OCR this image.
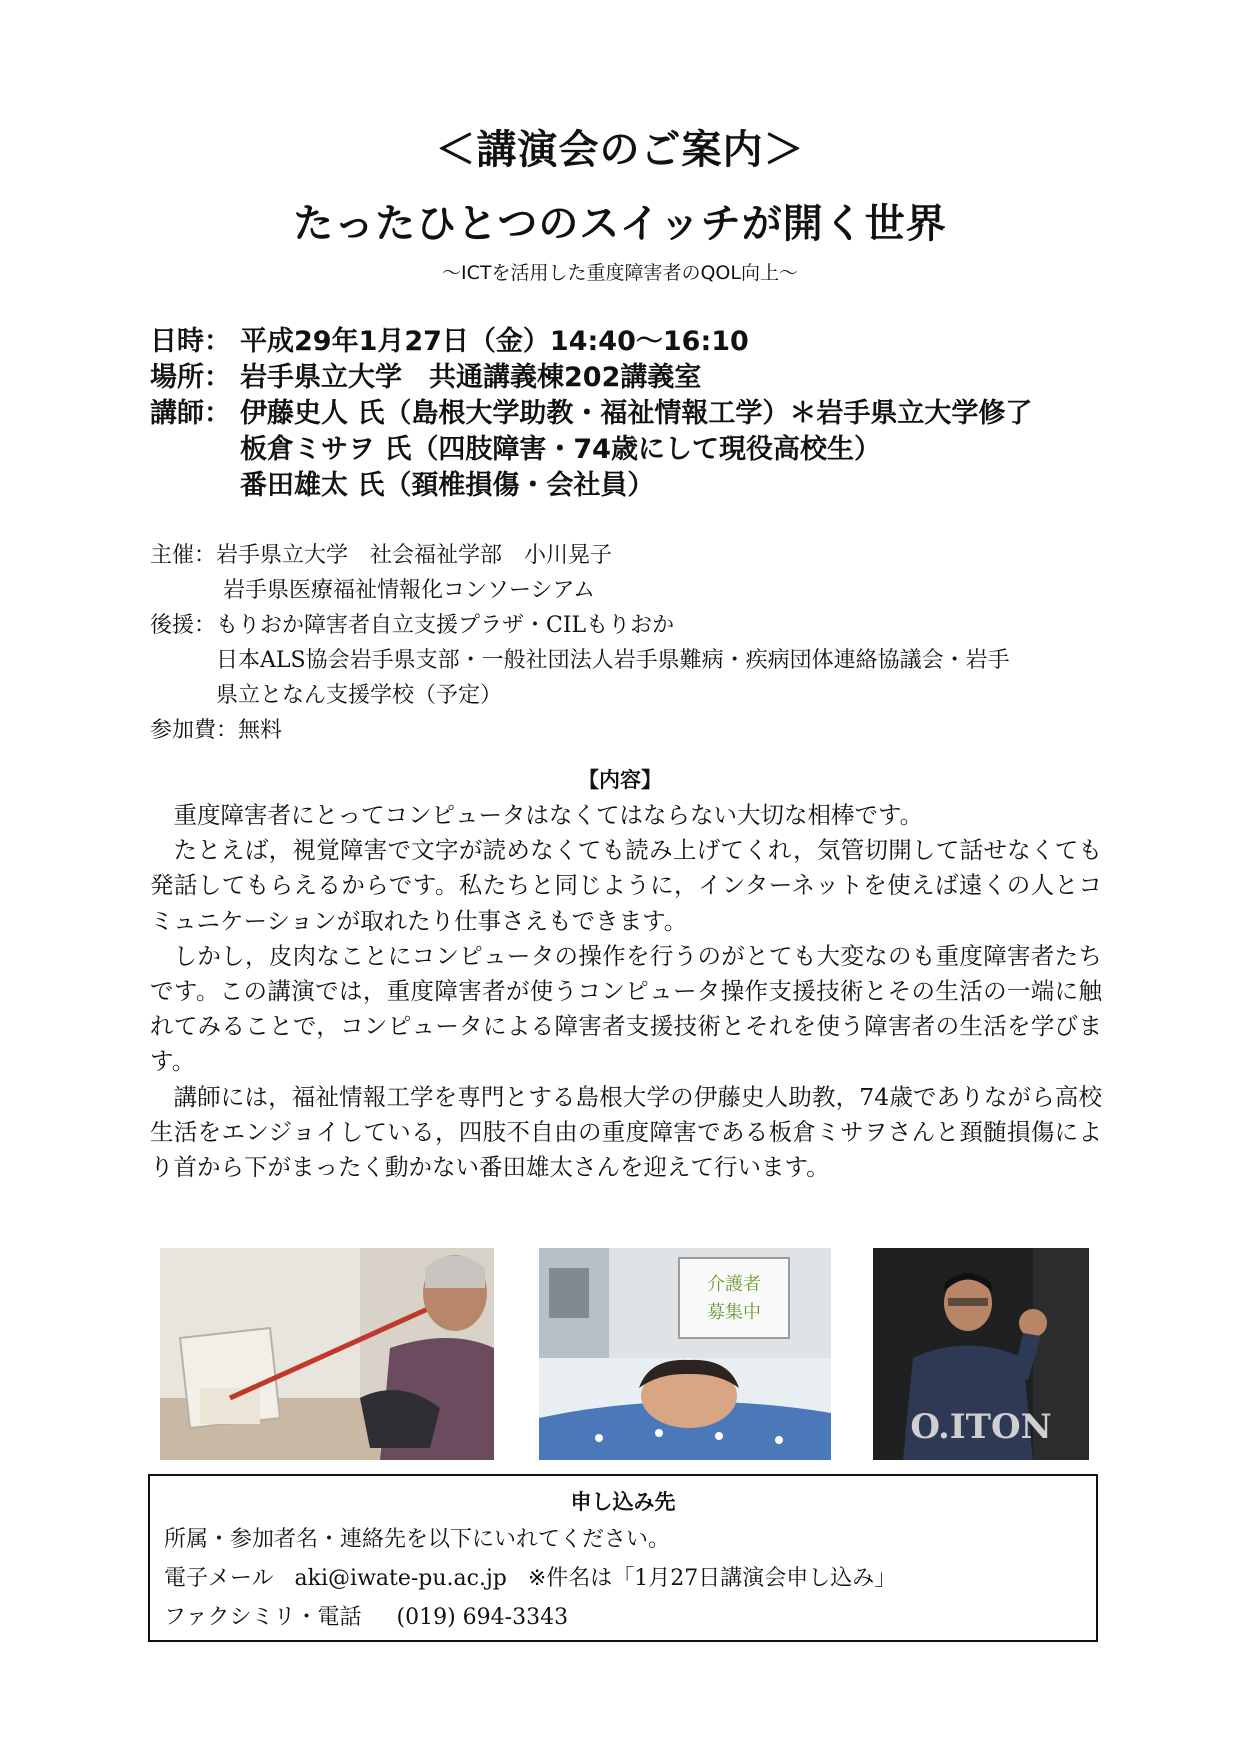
＜講演会のご案内＞
たったひとつのスイッチが開く世界
～ICTを活用した重度障害者のQOL向上～
日時： 平成29年1月27日（金）14:40～16:10
場所： 岩手県立大学　共通講義棟202講義室
講師： 伊藤史人 氏（島根大学助教・福祉情報工学）＊岩手県立大学修了
板倉ミサヲ 氏（四肢障害・74歳にして現役高校生）
番田雄太 氏（頚椎損傷・会社員）
主催：岩手県立大学　社会福祉学部　小川晃子
岩手県医療福祉情報化コンソーシアム
後援：もりおか障害者自立支援プラザ・CILもりおか
日本ALS協会岩手県支部・一般社団法人岩手県難病・疾病団体連絡協議会・岩手
県立となん支援学校（予定）
参加費：無料
【内容】

重度障害者にとってコンピュータはなくてはならない大切な相棒です。

たとえば，視覚障害で文字が読めなくても読み上げてくれ，気管切開して話せなくても発話してもらえるからです。私たちと同じように，インターネットを使えば遠くの人とコミュニケーションが取れたり仕事さえもできます。

しかし，皮肉なことにコンピュータの操作を行うのがとても大変なのも重度障害者たちです。この講演では，重度障害者が使うコンピュータ操作支援技術とその生活の一端に触れてみることで，コンピュータによる障害者支援技術とそれを使う障害者の生活を学びます。

講師には，福祉情報工学を専門とする島根大学の伊藤史人助教，74歳でありながら高校生活をエンジョイしている，四肢不自由の重度障害である板倉ミサヲさんと頚髄損傷により首から下がまったく動かない番田雄太さんを迎えて行います。

介護者
募集中
O.ITON
申し込み先
所属・参加者名・連絡先を以下にいれてください。
電子メール aki@iwate-pu.ac.jp ※件名は「1月27日講演会申し込み」
ファクシミリ・電話 (019) 694-3343
